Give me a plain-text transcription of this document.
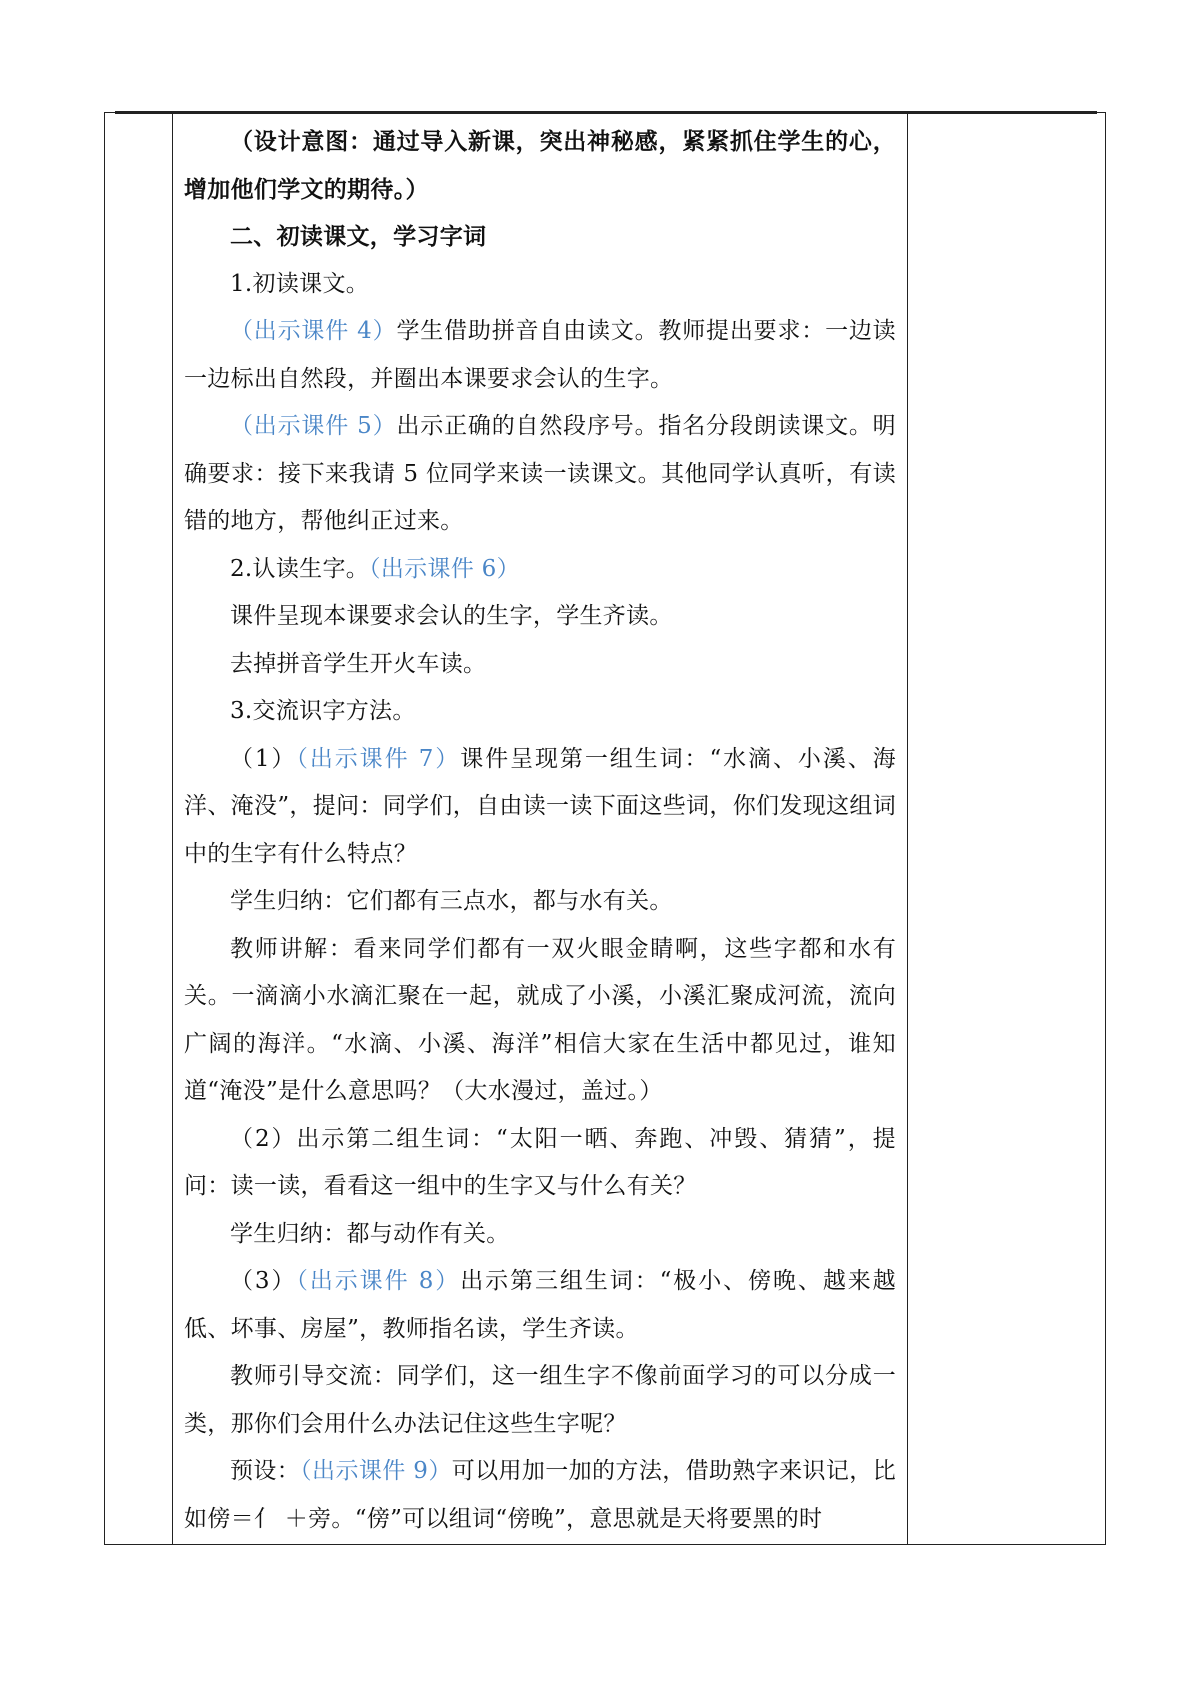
（设计意图：通过导入新课，突出神秘感，紧紧抓住学生的心，增加他们学文的期待。）

二、初读课文，学习字词

1.初读课文。

（出示课件 4）学生借助拼音自由读文。教师提出要求：一边读一边标出自然段，并圈出本课要求会认的生字。

（出示课件 5）出示正确的自然段序号。指名分段朗读课文。明确要求：接下来我请 5 位同学来读一读课文。其他同学认真听，有读错的地方，帮他纠正过来。

2.认读生字。（出示课件 6）

课件呈现本课要求会认的生字，学生齐读。

去掉拼音学生开火车读。

3.交流识字方法。

（1）（出示课件 7）课件呈现第一组生词：“水滴、小溪、海洋、淹没”，提问：同学们，自由读一读下面这些词，你们发现这组词中的生字有什么特点？

学生归纳：它们都有三点水，都与水有关。

教师讲解：看来同学们都有一双火眼金睛啊，这些字都和水有关。一滴滴小水滴汇聚在一起，就成了小溪，小溪汇聚成河流，流向广阔的海洋。“水滴、小溪、海洋”相信大家在生活中都见过，谁知道“淹没”是什么意思吗？（大水漫过，盖过。）

（2）出示第二组生词：“太阳一晒、奔跑、冲毁、猜猜”，提问：读一读，看看这一组中的生字又与什么有关？

学生归纳：都与动作有关。

（3）（出示课件 8）出示第三组生词：“极小、傍晚、越来越低、坏事、房屋”，教师指名读，学生齐读。

教师引导交流：同学们，这一组生字不像前面学习的可以分成一类，那你们会用什么办法记住这些生字呢？

预设：（出示课件 9）可以用加一加的方法，借助熟字来识记，比如傍＝亻 ＋旁。“傍”可以组词“傍晚”，意思就是天将要黑的时
